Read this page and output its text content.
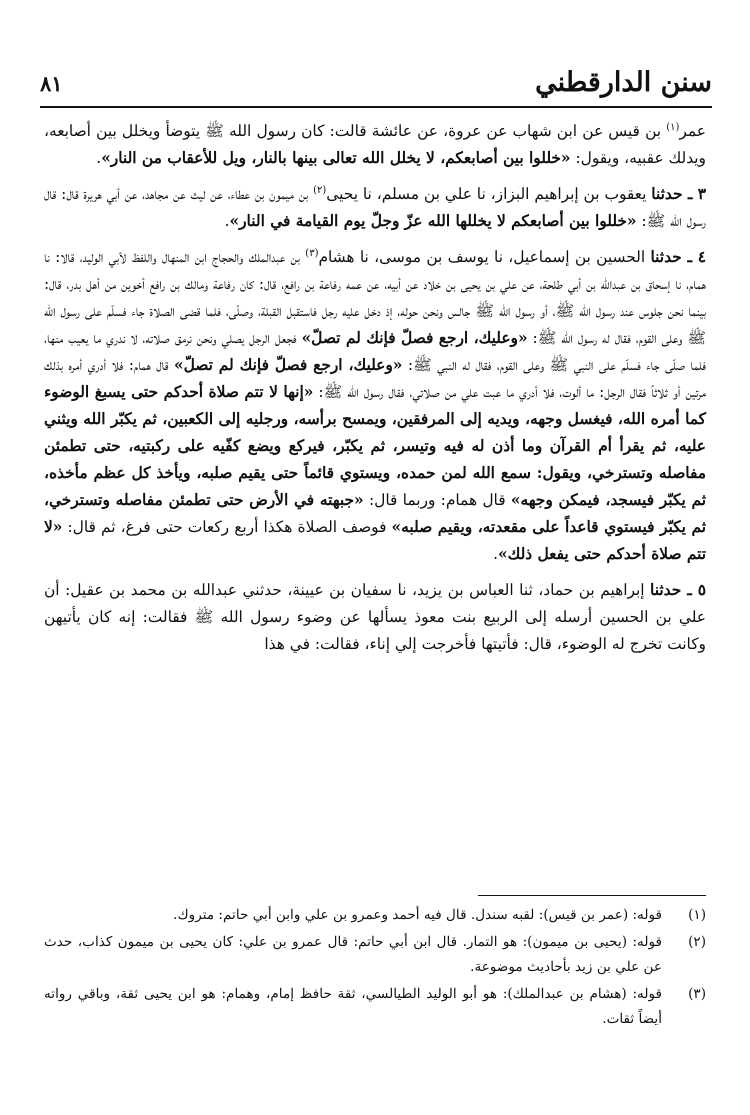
سنن الدارقطني
٨١

عمر$^{(١)}$ بن قيس عن ابن شهاب عن عروة، عن عائشة قالت: كان رسول الله ﷺ يتوضأ ويخلل بين أصابعه، ويدلك عقبيه، ويقول: «خللوا بين أصابعكم، لا يخلل الله تعالى بينها بالنار، ويل للأعقاب من النار».

٣ ـ حدثنا يعقوب بن إبراهيم البزاز، نا علي بن مسلم، نا يحيى$^{(٢)}$ بن ميمون بن عطاء، عن ليث عن مجاهد، عن أبي هريرة قال: قال رسول الله ﷺ: «خللوا بين أصابعكم لا يخللها الله عزّ وجلّ يوم القيامة في النار».

٤ ـ حدثنا الحسين بن إسماعيل، نا يوسف بن موسى، نا هشام$^{(٣)}$ بن عبدالملك والحجاج ابن المنهال واللفظ لأبي الوليد، قالا: نا همام، نا إسحاق بن عبدالله بن أبي طلحة، عن علي بن يحيى بن خلاد عن أبيه، عن عمه رفاعة بن رافع، قال: كان رفاعة ومالك بن رافع أخوين من أهل بدر، قال: بينما نحن جلوس عند رسول الله ﷺ، أو رسول الله ﷺ جالس ونحن حوله، إذ دخل عليه رجل فاستقبل القبلة، وصلّى، فلما قضى الصلاة جاء فسلّم على رسول الله ﷺ وعلى القوم، فقال له رسول الله ﷺ: «وعليك، ارجع فصلّ فإنك لم تصلّ» فجعل الرجل يصلي ونحن نرمق صلاته، لا ندري ما يعيب منها، فلما صلّى جاء فسلّم على النبي ﷺ وعلى القوم، فقال له النبي ﷺ: «وعليك، ارجع فصلّ فإنك لم تصلّ» قال همام: فلا أدري أمره بذلك مرتين أو ثلاثاً فقال الرجل: ما ألوت، فلا أدري ما عبت علي من صلاتي، فقال رسول الله ﷺ: «إنها لا تتم صلاة أحدكم حتى يسبغ الوضوء كما أمره الله، فيغسل وجهه، ويديه إلى المرفقين، ويمسح برأسه، ورجليه إلى الكعبين، ثم يكبّر الله ويثني عليه، ثم يقرأ أم القرآن وما أذن له فيه وتيسر، ثم يكبّر، فيركع ويضع كفّيه على ركبتيه، حتى تطمئن مفاصله وتسترخي، ويقول: سمع الله لمن حمده، ويستوي قائماً حتى يقيم صلبه، ويأخذ كل عظم مأخذه، ثم يكبّر فيسجد، فيمكن وجهه» قال همام: وربما قال: «جبهته في الأرض حتى تطمئن مفاصله وتسترخي، ثم يكبّر فيستوي قاعداً على مقعدته، ويقيم صلبه» فوصف الصلاة هكذا أربع ركعات حتى فرغ، ثم قال: «لا تتم صلاة أحدكم حتى يفعل ذلك».

٥ ـ حدثنا إبراهيم بن حماد، ثنا العباس بن يزيد، نا سفيان بن عيينة، حدثني عبدالله بن محمد بن عقيل: أن علي بن الحسين أرسله إلى الربيع بنت معوذ يسألها عن وضوء رسول الله ﷺ فقالت: إنه كان يأتيهن وكانت تخرج له الوضوء، قال: فأتيتها فأخرجت إلي إناء، فقالت: في هذا

(١)
قوله: (عمر بن قيس): لقبه سندل. قال فيه أحمد وعمرو بن علي وابن أبي حاتم: متروك.
(٢)
قوله: (يحيى بن ميمون): هو التمار. قال ابن أبي حاتم: قال عمرو بن علي: كان يحيى بن ميمون كذاب، حدث عن علي بن زيد بأحاديث موضوعة.
(٣)
قوله: (هشام بن عبدالملك): هو أبو الوليد الطيالسي، ثقة حافظ إمام، وهمام: هو ابن يحيى ثقة، وباقي رواته أيضاً ثقات.
